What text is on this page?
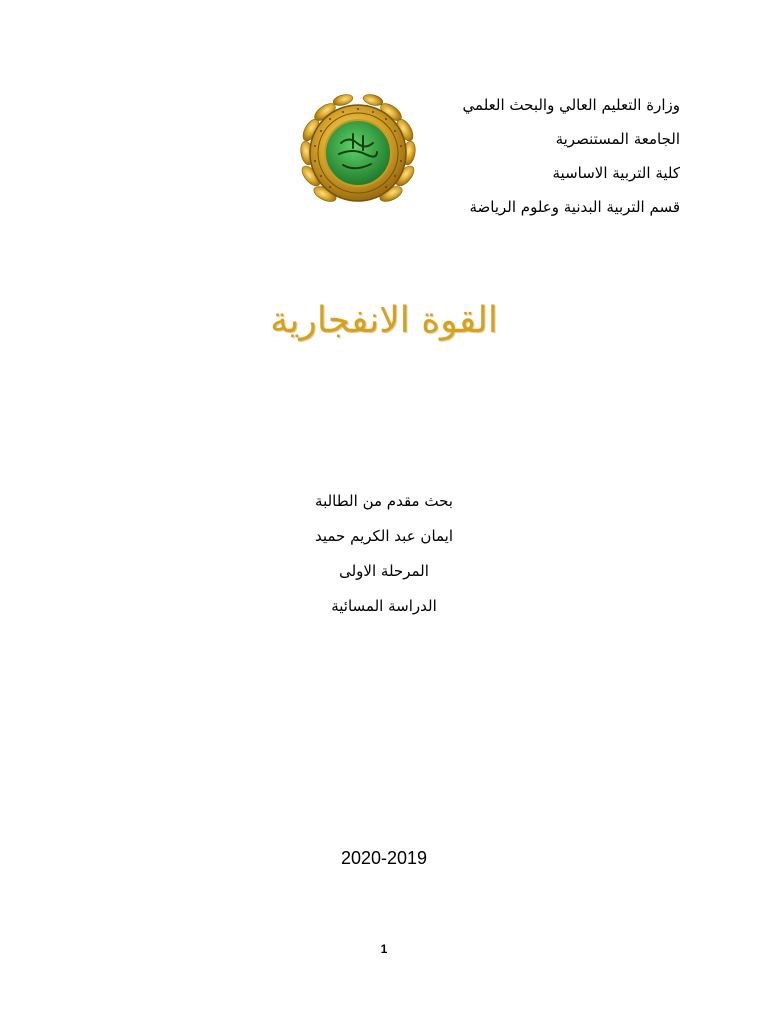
وزارة التعليم العالي والبحث العلمي
الجامعة المستنصرية
كلية التربية الاساسية
قسم التربية البدنية وعلوم الرياضة
القوة الانفجارية
بحث مقدم من الطالبة
ايمان عبد الكريم حميد
المرحلة الاولى
الدراسة المسائية
2020-2019
1
